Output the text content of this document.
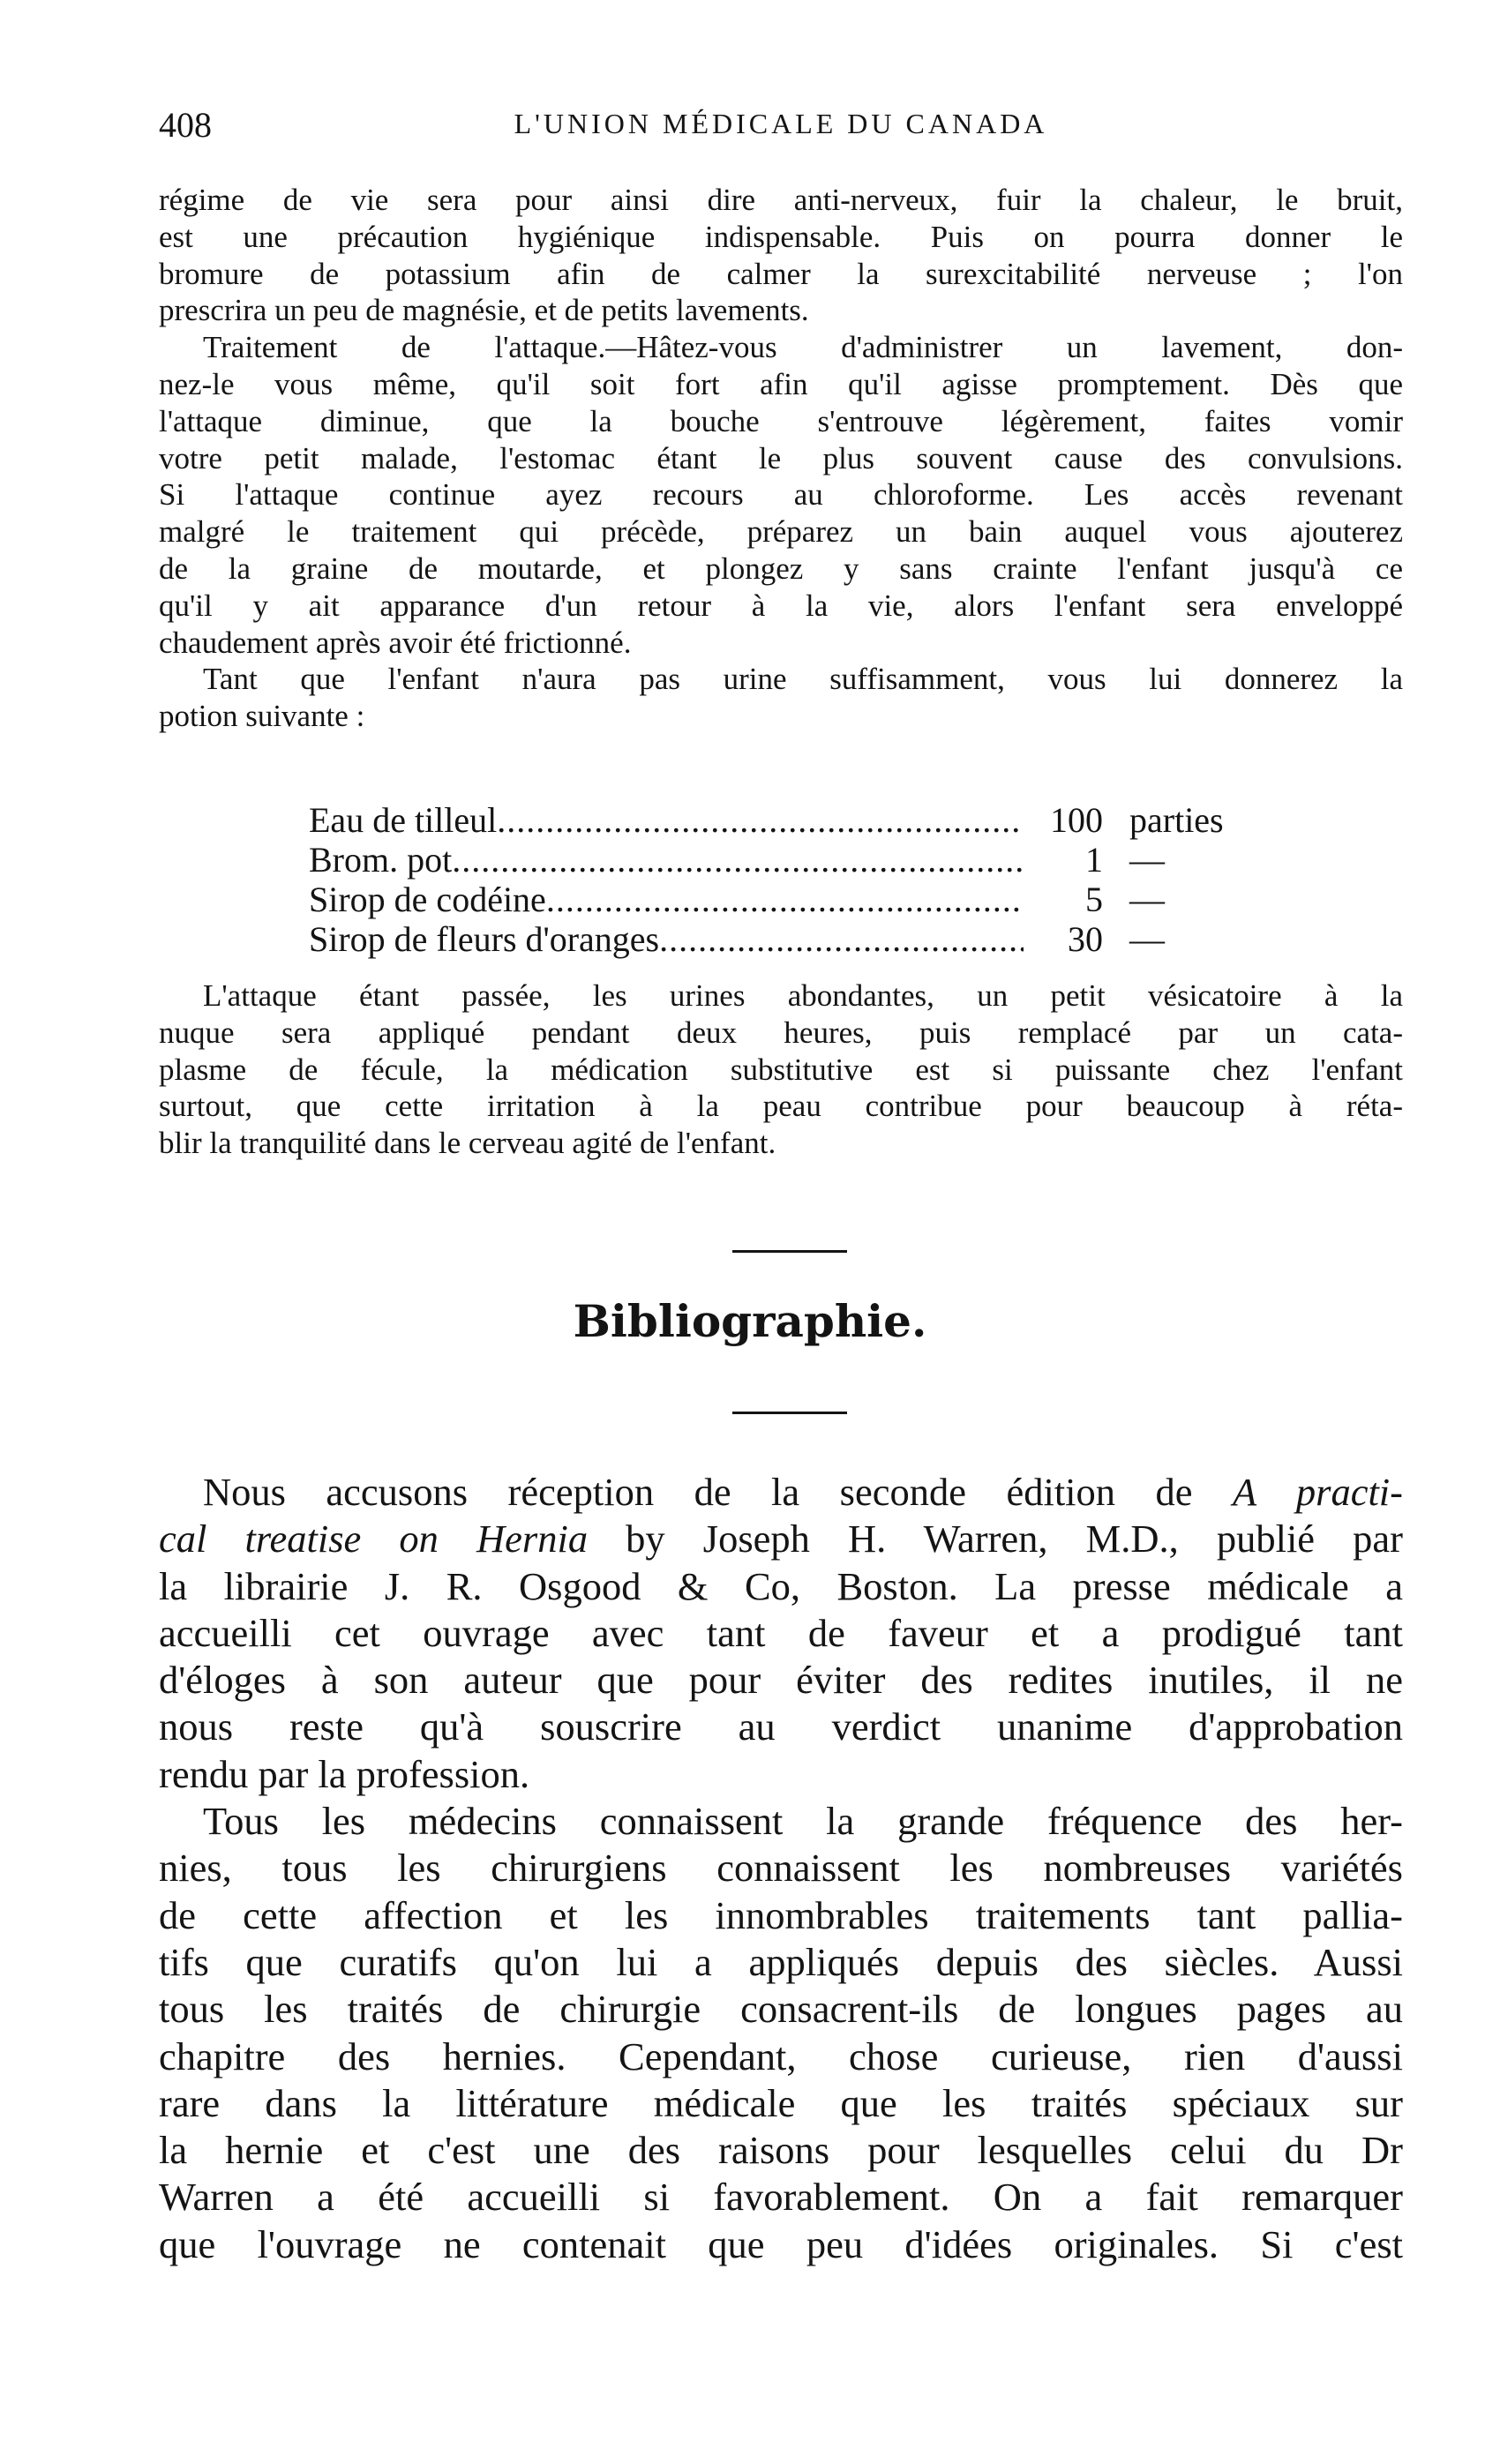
408	L'UNION MÉDICALE DU CANADA
régime de vie sera pour ainsi dire anti-nerveux, fuir la chaleur, le bruit,
est une précaution hygiénique indispensable. Puis on pourra donner le
bromure de potassium afin de calmer la surexcitabilité nerveuse ; l'on
prescrira un peu de magnésie, et de petits lavements.
Traitement de l'attaque.—Hâtez-vous d'administrer un lavement, don-
nez-le vous même, qu'il soit fort afin qu'il agisse promptement. Dès que
l'attaque diminue, que la bouche s'entrouve légèrement, faites vomir
votre petit malade, l'estomac étant le plus souvent cause des convulsions.
Si l'attaque continue ayez recours au chloroforme. Les accès revenant
malgré le traitement qui précède, préparez un bain auquel vous ajouterez
de la graine de moutarde, et plongez y sans crainte l'enfant jusqu'à ce
qu'il y ait apparance d'un retour à la vie, alors l'enfant sera enveloppé
chaudement après avoir été frictionné.
Tant que l'enfant n'aura pas urine suffisamment, vous lui donnerez la
potion suivante :
Eau de tilleul .....	100 parties
Brom. pot .....	1 —
Sirop de codéine .....	5 —
Sirop de fleurs d'oranges .....	30 —
L'attaque étant passée, les urines abondantes, un petit vésicatoire à la
nuque sera appliqué pendant deux heures, puis remplacé par un cata-
plasme de fécule, la médication substitutive est si puissante chez l'enfant
surtout, que cette irritation à la peau contribue pour beaucoup à réta-
blir la tranquilité dans le cerveau agité de l'enfant.
Bibliographie.
Nous accusons réception de la seconde édition de A practi-
cal treatise on Hernia by Joseph H. Warren, M.D., publié par
la librairie J. R. Osgood & Co, Boston. La presse médicale a
accueilli cet ouvrage avec tant de faveur et a prodigué tant
d'éloges à son auteur que pour éviter des redites inutiles, il ne
nous reste qu'à souscrire au verdict unanime d'approbation
rendu par la profession.
Tous les médecins connaissent la grande fréquence des her-
nies, tous les chirurgiens connaissent les nombreuses variétés
de cette affection et les innombrables traitements tant pallia-
tifs que curatifs qu'on lui a appliqués depuis des siècles. Aussi
tous les traités de chirurgie consacrent-ils de longues pages au
chapitre des hernies. Cependant, chose curieuse, rien d'aussi
rare dans la littérature médicale que les traités spéciaux sur
la hernie et c'est une des raisons pour lesquelles celui du Dr
Warren a été accueilli si favorablement. On a fait remarquer
que l'ouvrage ne contenait que peu d'idées originales. Si c'est
